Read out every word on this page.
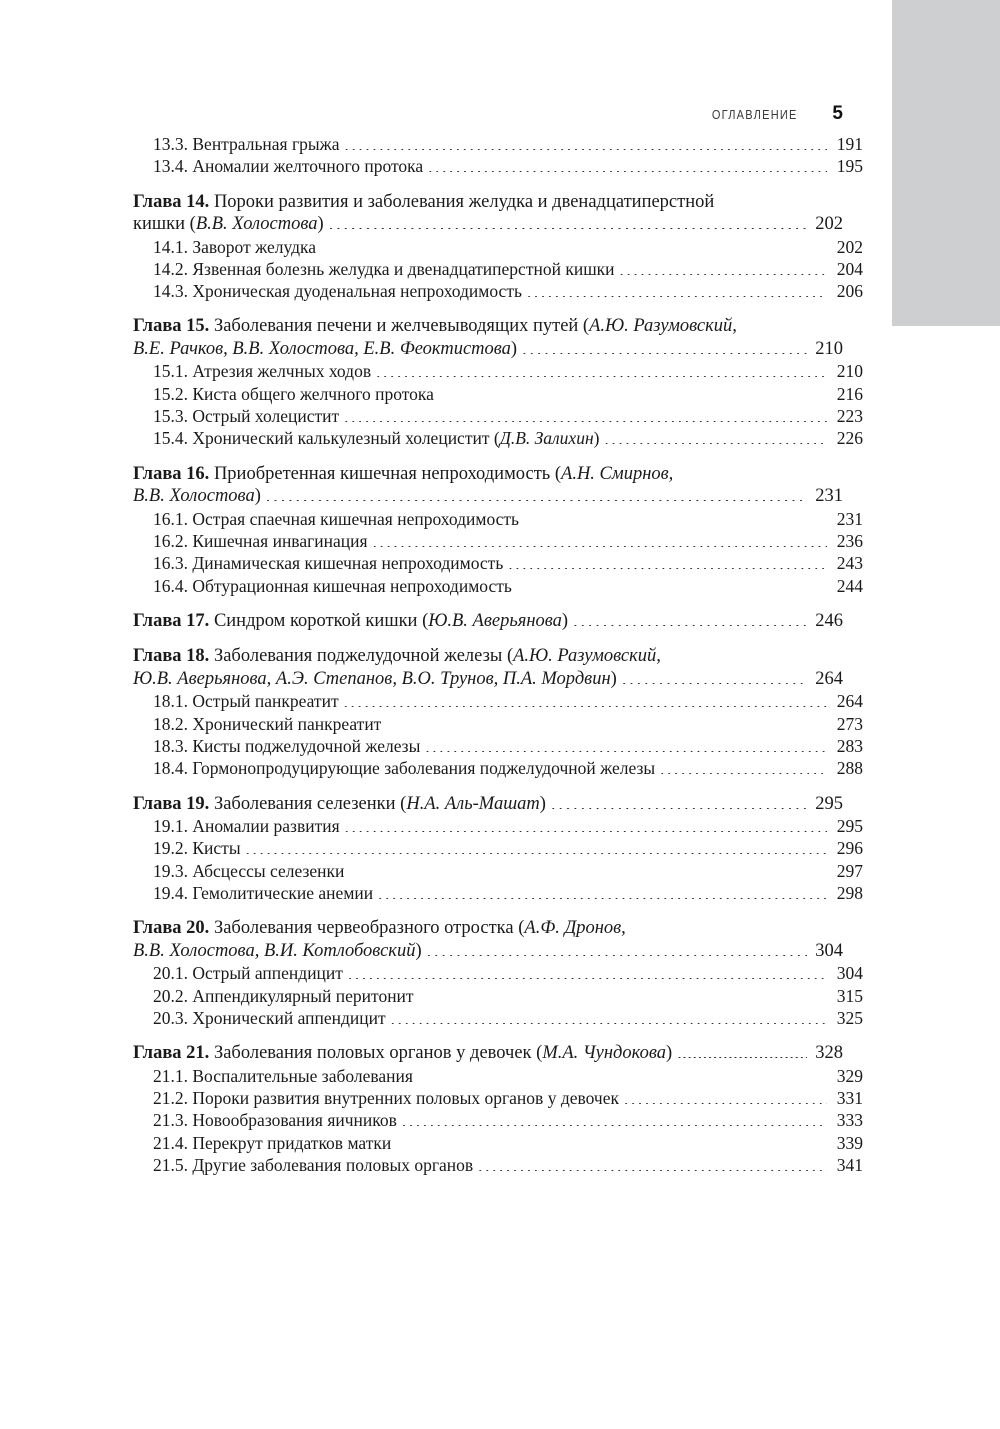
ОГЛАВЛЕНИЕ 5
13.3. Вентральная грыжа .....	191
13.4. Аномалии желточного протока .....	195
Глава 14. Пороки развития и заболевания желудка и двенадцатиперстной
кишки ( В.В. Холостова ) .....	202
14.1. Заворот желудка .....	202
14.2. Язвенная болезнь желудка и двенадцатиперстной кишки .....	204
14.3. Хроническая дуоденальная непроходимость .....	206
Глава 15. Заболевания печени и желчевыводящих путей ( А.Ю. Разумовский,
В.Е. Рачков, В.В. Холостова, Е.В. Феоктистова ) .....	210
15.1. Атрезия желчных ходов .....	210
15.2. Киста общего желчного протока .....	216
15.3. Острый холецистит .....	223
15.4. Хронический калькулезный холецистит ( Д.В. Залихин ) .....	226
Глава 16. Приобретенная кишечная непроходимость ( А.Н. Смирнов,
В.В. Холостова ) .....	231
16.1. Острая спаечная кишечная непроходимость .....	231
16.2. Кишечная инвагинация .....	236
16.3. Динамическая кишечная непроходимость .....	243
16.4. Обтурационная кишечная непроходимость .....	244
Глава 17. Синдром короткой кишки ( Ю.В. Аверьянова ) .....	246
Глава 18. Заболевания поджелудочной железы ( А.Ю. Разумовский,
Ю.В. Аверьянова, А.Э. Степанов, В.О. Трунов, П.А. Мордвин ) .....	264
18.1. Острый панкреатит .....	264
18.2. Хронический панкреатит .....	273
18.3. Кисты поджелудочной железы .....	283
18.4. Гормонопродуцирующие заболевания поджелудочной железы .....	288
Глава 19. Заболевания селезенки ( Н.А. Аль-Машат ) .....	295
19.1. Аномалии развития .....	295
19.2. Кисты .....	296
19.3. Абсцессы селезенки .....	297
19.4. Гемолитические анемии .....	298
Глава 20. Заболевания червеобразного отростка ( А.Ф. Дронов,
В.В. Холостова, В.И. Котлобовский ) .....	304
20.1. Острый аппендицит .....	304
20.2. Аппендикулярный перитонит .....	315
20.3. Хронический аппендицит .....	325
Глава 21. Заболевания половых органов у девочек ( М.А. Чундокова ) .....	328
21.1. Воспалительные заболевания .....	329
21.2. Пороки развития внутренних половых органов у девочек .....	331
21.3. Новообразования яичников .....	333
21.4. Перекрут придатков матки .....	339
21.5. Другие заболевания половых органов .....	341
